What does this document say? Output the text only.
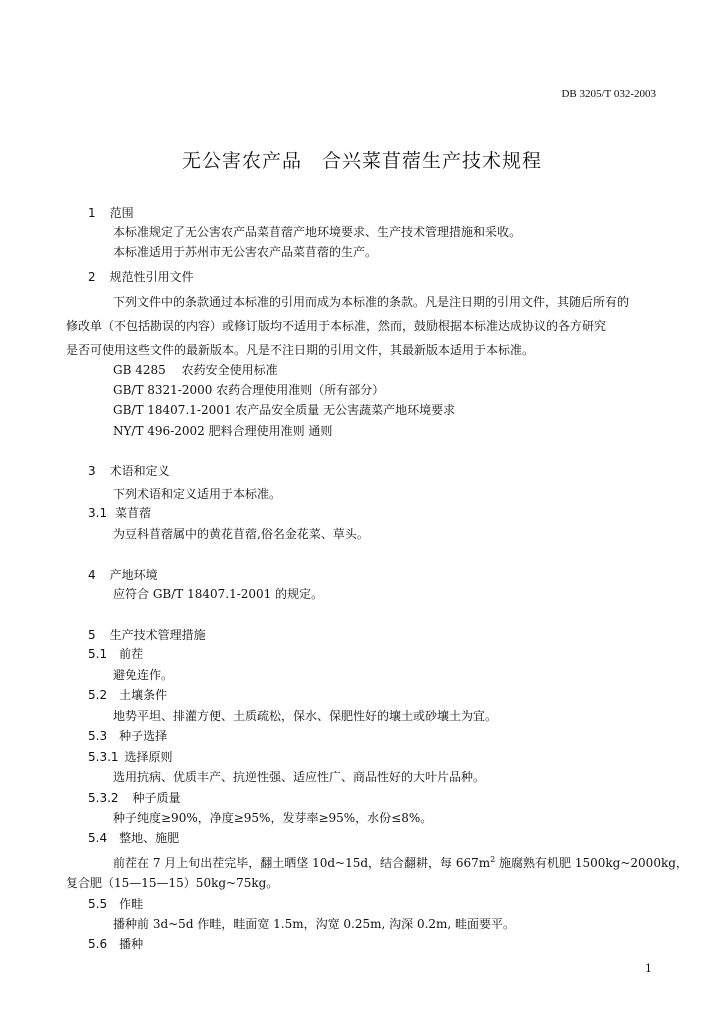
DB 3205/T 032-2003
无公害农产品　合兴菜苜蓿生产技术规程
1 范围
本标准规定了无公害农产品菜苜蓿产地环境要求、生产技术管理措施和采收。
本标准适用于苏州市无公害农产品菜苜蓿的生产。
2 规范性引用文件
下列文件中的条款通过本标准的引用而成为本标准的条款。凡是注日期的引用文件，其随后所有的
修改单（不包括勘误的内容）或修订版均不适用于本标准，然而，鼓励根据本标准达成协议的各方研究
是否可使用这些文件的最新版本。凡是不注日期的引用文件，其最新版本适用于本标准。
GB 4285　 农药安全使用标准
GB/T 8321-2000 农药合理使用准则（所有部分）
GB/T 18407.1-2001 农产品安全质量 无公害蔬菜产地环境要求
NY/T 496-2002 肥料合理使用准则 通则
3 术语和定义
下列术语和定义适用于本标准。
3.1 菜苜蓿
为豆科苜蓿属中的黄花苜蓿,俗名金花菜、草头。
4 产地环境
应符合 GB/T 18407.1-2001 的规定。
5 生产技术管理措施
5.1 前茬
避免连作。
5.2 土壤条件
地势平坦、排灌方便、土质疏松，保水、保肥性好的壤土或砂壤土为宜。
5.3 种子选择
5.3.1 选择原则
选用抗病、优质丰产、抗逆性强、适应性广、商品性好的大叶片品种。
5.3.2 种子质量
种子纯度≥90%，净度≥95%，发芽率≥95%，水份≤8%。
5.4 整地、施肥
前茬在 7 月上旬出茬完毕，翻土晒垡 10d~15d，结合翻耕，每 $667m^2$ 施腐熟有机肥 1500kg~2000kg，
复合肥（15—15—15）50kg~75kg。
5.5 作畦
播种前 3d~5d 作畦，畦面宽 1.5m，沟宽 0.25m, 沟深 0.2m, 畦面要平。
5.6 播种
1
